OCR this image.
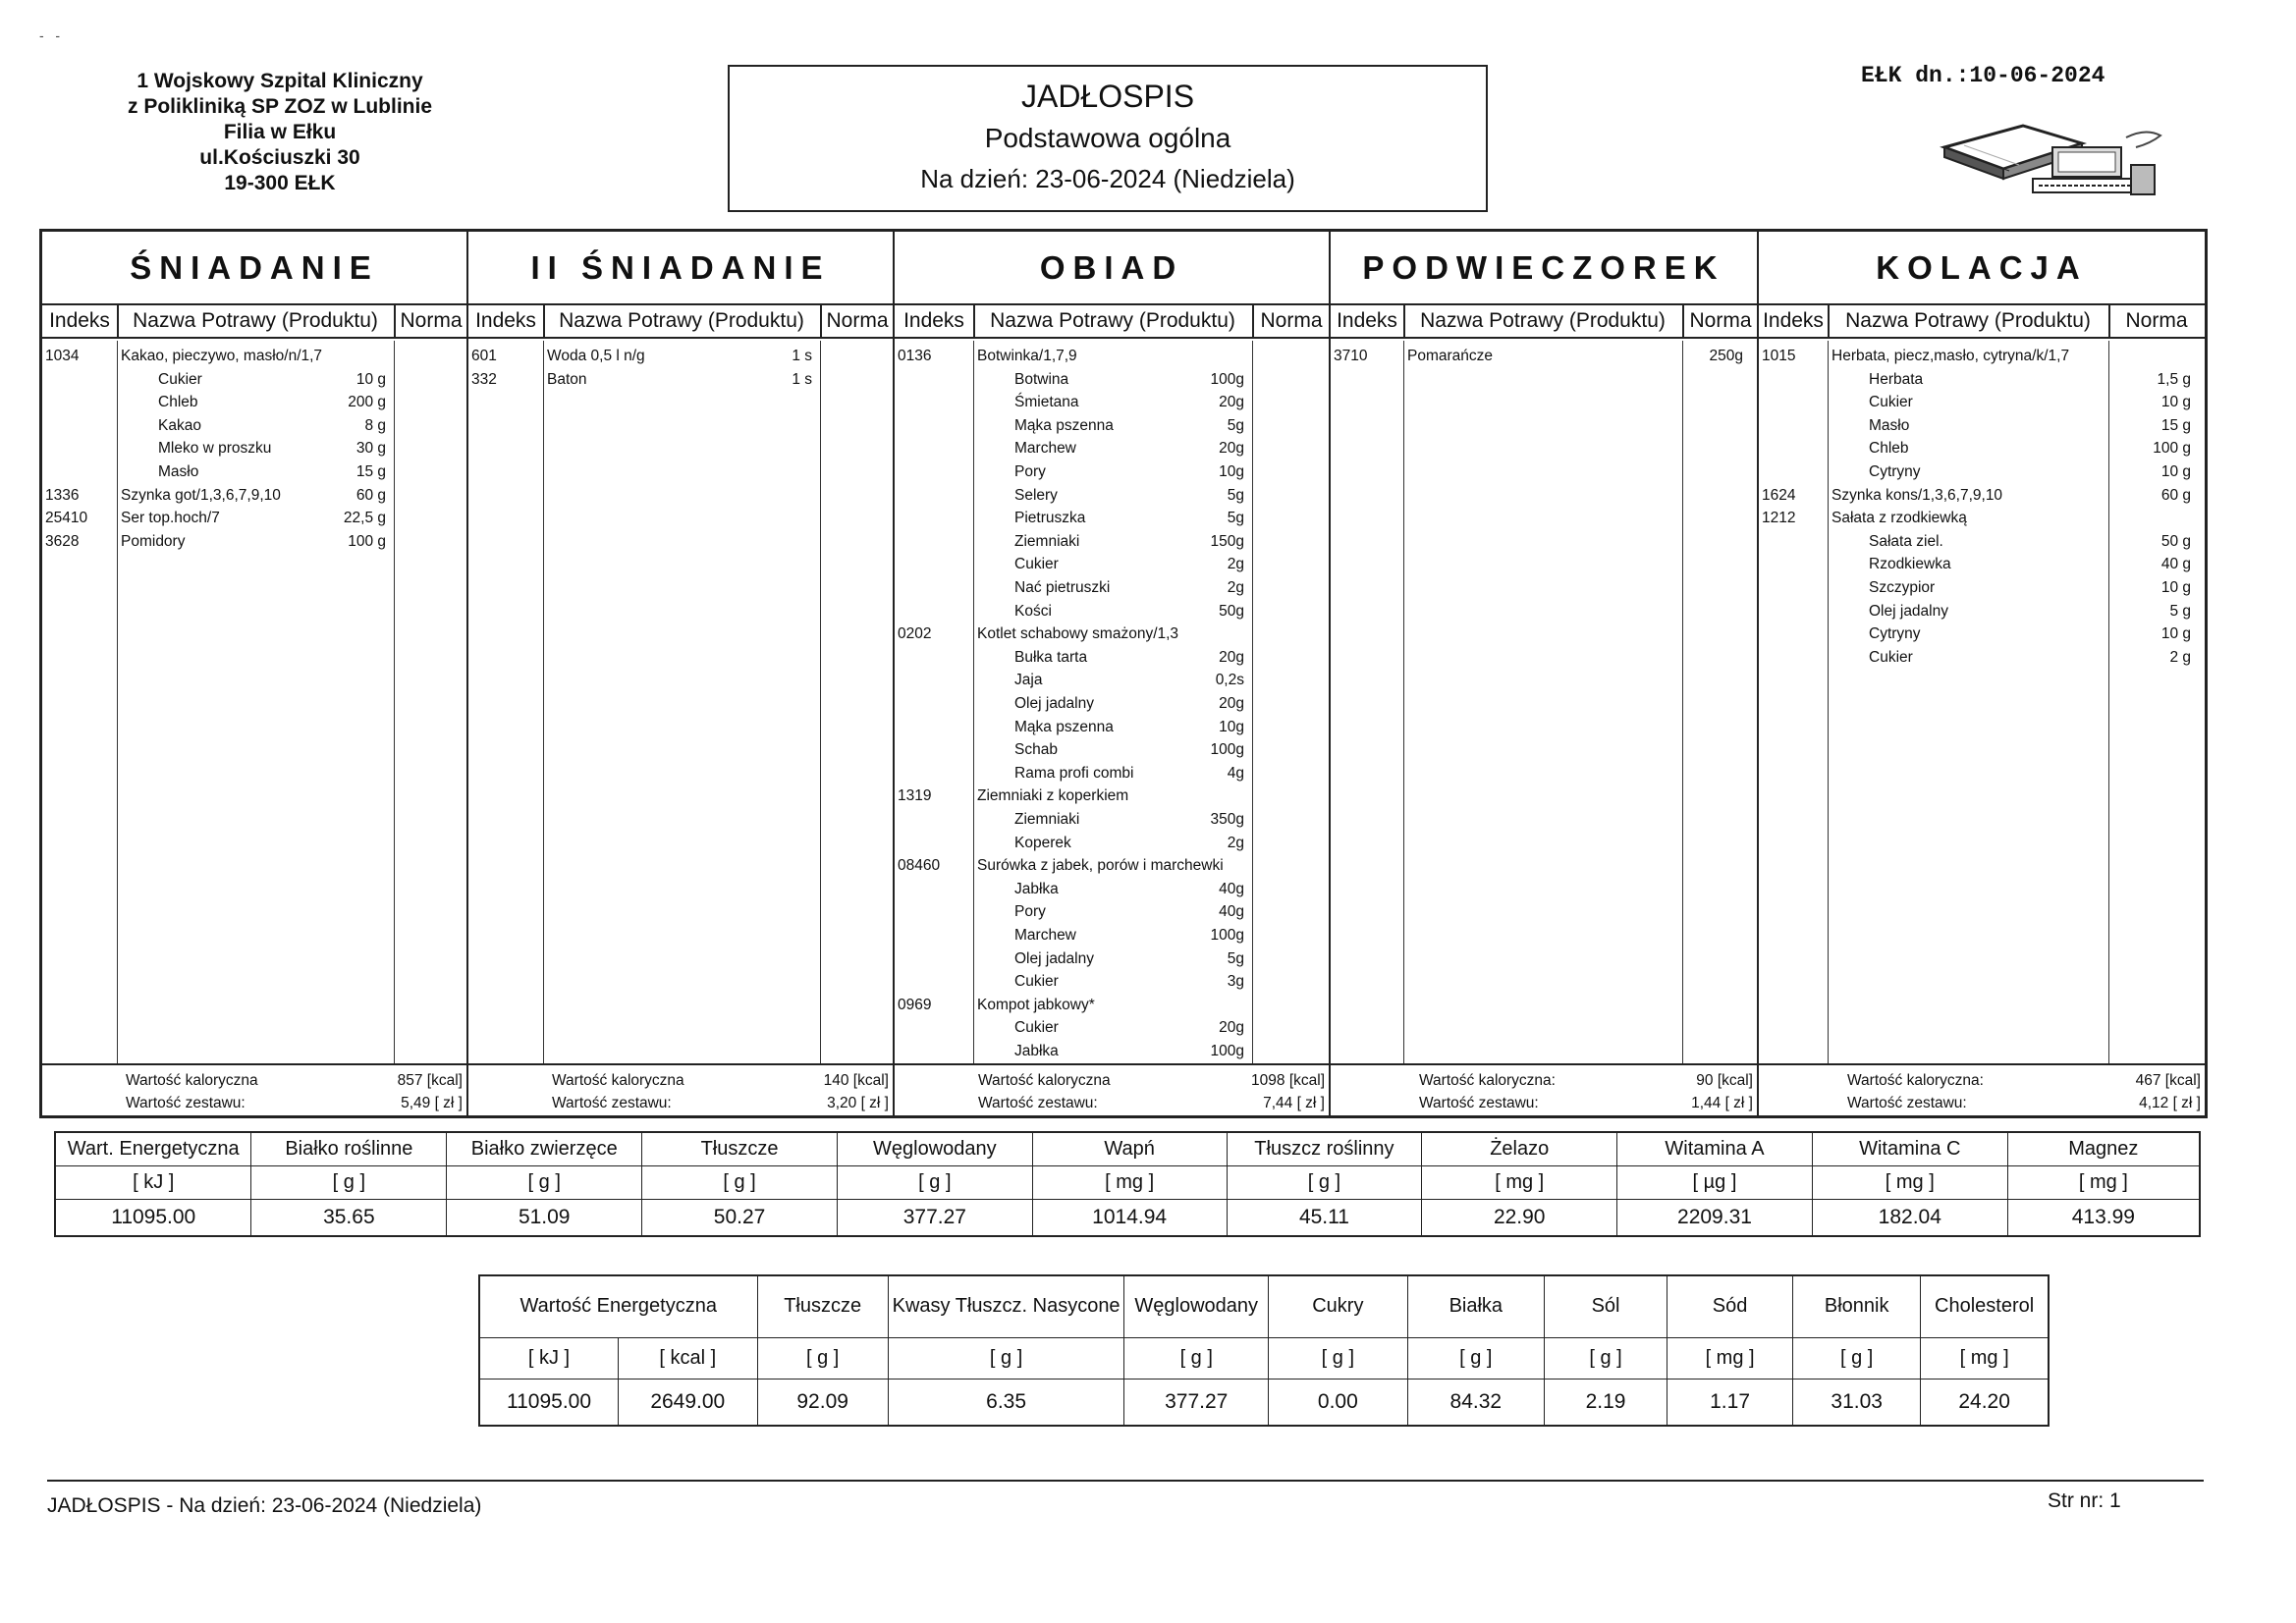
-   -
1 Wojskowy Szpital Kliniczny
z Polikliniką SP ZOZ w Lublinie
Filia w Ełku
ul.Kościuszki 30
19-300 EŁK
JADŁOSPIS
Podstawowa ogólna
Na dzień: 23-06-2024 (Niedziela)
EŁK dn.:10-06-2024
ŚNIADANIE
Indeks	Nazwa Potrawy (Produktu)	Norma
1034	Kakao, pieczywo, masło/n/1,7
Cukier	10 g
Chleb	200 g
Kakao	8 g
Mleko w proszku	30 g
Masło	15 g
1336	Szynka got/1,3,6,7,9,10	60 g
25410	Ser top.hoch/7	22,5 g
3628	Pomidory	100 g
Wartość kaloryczna	857 [kcal]
Wartość zestawu:	5,49 [ zł ]
II ŚNIADANIE
Indeks	Nazwa Potrawy (Produktu)	Norma
601	Woda 0,5 l n/g	1 s
332	Baton	1 s
Wartość kaloryczna	140 [kcal]
Wartość zestawu:	3,20 [ zł ]
OBIAD
Indeks	Nazwa Potrawy (Produktu)	Norma
0136	Botwinka/1,7,9
Botwina	100g
Śmietana	20g
Mąka pszenna	5g
Marchew	20g
Pory	10g
Selery	5g
Pietruszka	5g
Ziemniaki	150g
Cukier	2g
Nać pietruszki	2g
Kości	50g
0202	Kotlet schabowy smażony/1,3
Bułka tarta	20g
Jaja	0,2s
Olej jadalny	20g
Mąka pszenna	10g
Schab	100g
Rama profi combi	4g
1319	Ziemniaki z koperkiem
Ziemniaki	350g
Koperek	2g
08460	Surówka z jabek, porów i marchewki
Jabłka	40g
Pory	40g
Marchew	100g
Olej jadalny	5g
Cukier	3g
0969	Kompot jabkowy*
Cukier	20g
Jabłka	100g
Wartość kaloryczna	1098 [kcal]
Wartość zestawu:	7,44 [ zł ]
PODWIECZOREK
Indeks	Nazwa Potrawy (Produktu)	Norma
3710	Pomarańcze	250g
Wartość kaloryczna:	90 [kcal]
Wartość zestawu:	1,44 [ zł ]
KOLACJA
Indeks	Nazwa Potrawy (Produktu)	Norma
1015	Herbata, piecz,masło, cytryna/k/1,7
Herbata	1,5 g
Cukier	10 g
Masło	15 g
Chleb	100 g
Cytryny	10 g
1624	Szynka kons/1,3,6,7,9,10	60 g
1212	Sałata z rzodkiewką
Sałata ziel.	50 g
Rzodkiewka	40 g
Szczypior	10 g
Olej jadalny	5 g
Cytryny	10 g
Cukier	2 g
Wartość kaloryczna:	467 [kcal]
Wartość zestawu:	4,12 [ zł ]
Wart. Energetyczna	Białko roślinne	Białko zwierzęce	Tłuszcze	Węglowodany	Wapń	Tłuszcz roślinny	Żelazo	Witamina A	Witamina C	Magnez
[ kJ ]	[ g ]	[ g ]	[ g ]	[ g ]	[ mg ]	[ g ]	[ mg ]	[ µg ]	[ mg ]	[ mg ]
11095.00	35.65	51.09	50.27	377.27	1014.94	45.11	22.90	2209.31	182.04	413.99
Wartość Energetyczna		Tłuszcze	Kwasy Tłuszcz. Nasycone	Węglowodany	Cukry	Białka	Sól	Sód	Błonnik	Cholesterol
[ kJ ]	[ kcal ]	[ g ]	[ g ]	[ g ]	[ g ]	[ g ]	[ g ]	[ mg ]	[ g ]	[ mg ]
11095.00	2649.00	92.09	6.35	377.27	0.00	84.32	2.19	1.17	31.03	24.20
JADŁOSPIS - Na dzień: 23-06-2024 (Niedziela)	Str nr: 1
